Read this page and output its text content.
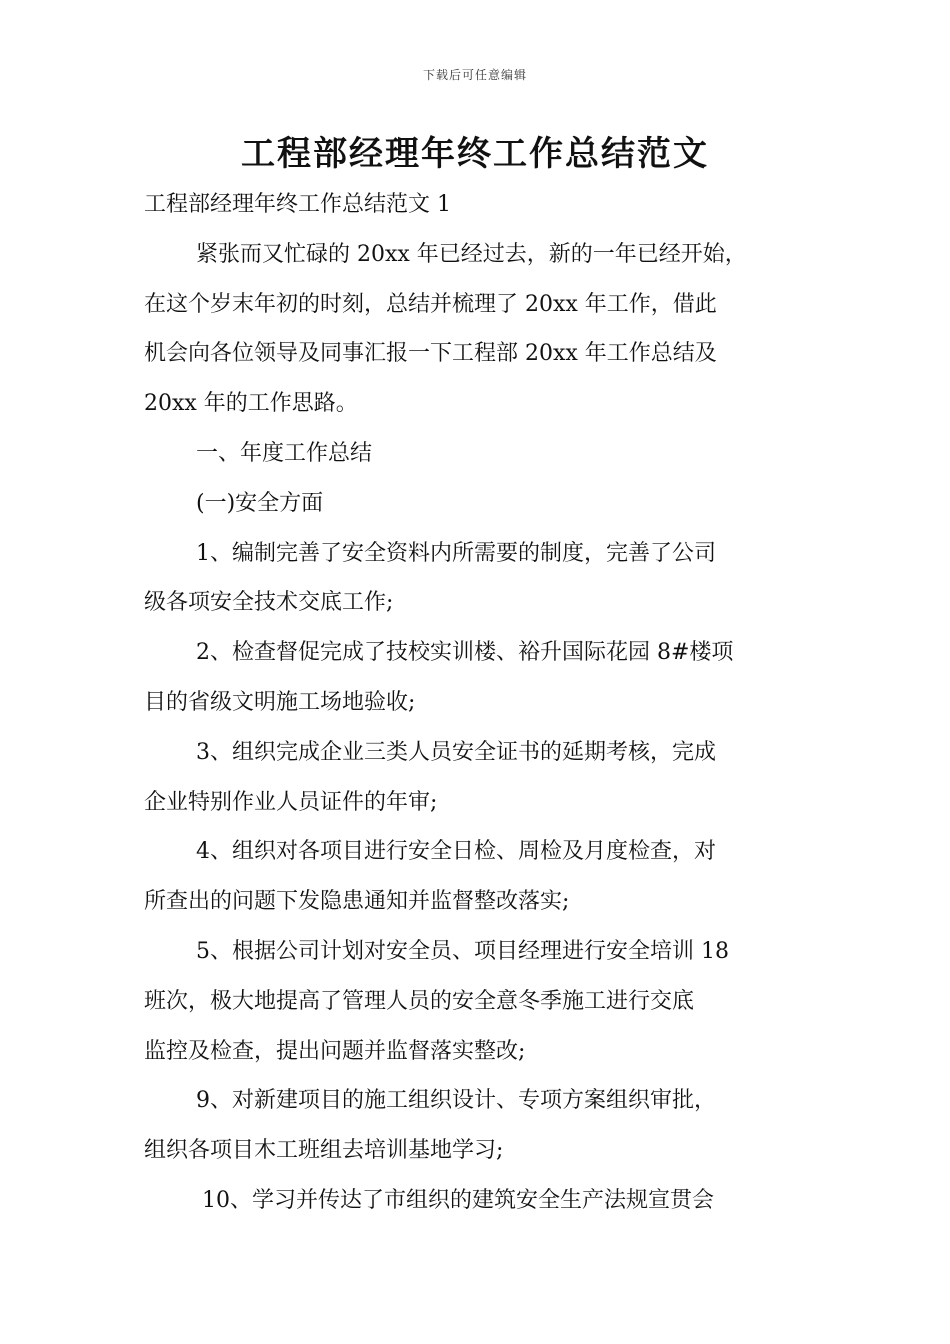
下载后可任意编辑
工程部经理年终工作总结范文
工程部经理年终工作总结范文 1
紧张而又忙碌的 20xx 年已经过去，新的一年已经开始，
在这个岁末年初的时刻，总结并梳理了 20xx 年工作，借此
机会向各位领导及同事汇报一下工程部 20xx 年工作总结及
20xx 年的工作思路。
一、年度工作总结
(一)安全方面
1、编制完善了安全资料内所需要的制度，完善了公司
级各项安全技术交底工作;
2、检查督促完成了技校实训楼、裕升国际花园 8#楼项
目的省级文明施工场地验收;
3、组织完成企业三类人员安全证书的延期考核，完成
企业特别作业人员证件的年审;
4、组织对各项目进行安全日检、周检及月度检查，对
所查出的问题下发隐患通知并监督整改落实;
5、根据公司计划对安全员、项目经理进行安全培训 18
班次，极大地提高了管理人员的安全意冬季施工进行交底
监控及检查，提出问题并监督落实整改;
9、对新建项目的施工组织设计、专项方案组织审批，
组织各项目木工班组去培训基地学习;
10、学习并传达了市组织的建筑安全生产法规宣贯会
